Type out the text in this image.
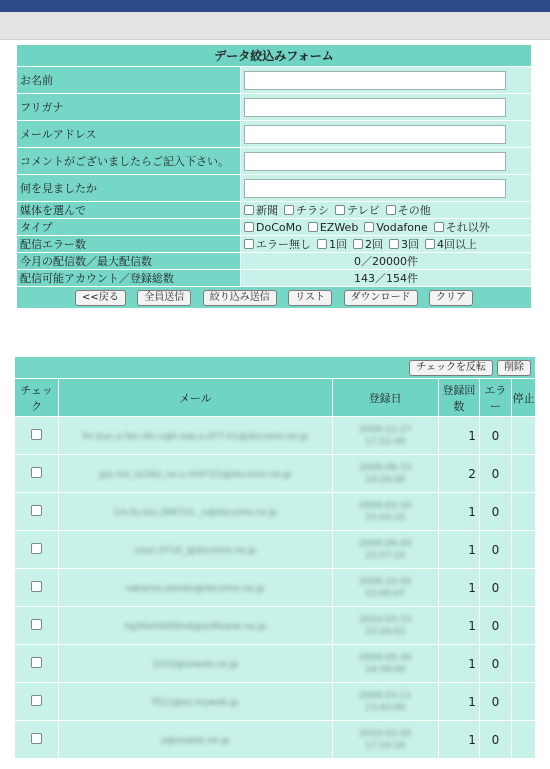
データ絞込みフォーム	
お名前	

フリガナ	

メールアドレス	

コメントがございましたらご記入下さい。	

何を見ましたか	

媒体を選んで	新聞 チラシ テレビ その他

タイプ	DoCoMo EZWeb Vodafone それ以外

配信エラー数	エラー無し 1回 2回 3回 4回以上

今月の配信数／最大配信数	0／20000件
配信可能アカウント／登録総数	143／154件
<<戻る 全員送信 絞り込み送信 リスト ダウンロード クリア	
チェックを反転 削除					
チェック	メール	登録日	登録回数	エラー	停止
	fm.kun.a.fan.ohi.u@t-ezp.o.d77.h1@docomo.ne.jp	2009-12-27
17:21:00	1	0	
	jpo.mo_so3do_no.s.nh4721@docomo.ne.jp	2009-08-15
14:24:00	2	0	
	1m.fu.tou.266721._n@docomo.ne.jp	2009-03-10
15:03:10	1	0	
	usan.0716_@docomo.ne.jp	2009-09-20
15:57:10	1	0	
	sakamo.utonko@docomo.ne.jp	2008-10-02
22:00:07	1	0	
	hg56oh4000n4@softbank.ne.jp	2010-03-15
15:24:03	1	0	
	1010@ezweb.ne.jp	2009-05-30
14:59:00	1	0	
	f511@ez.myweb.jp	2009-03-11
13:43:00	1	0	
	a@ezweb.ne.jp	2010-02-05
17:10:10	1	0	
